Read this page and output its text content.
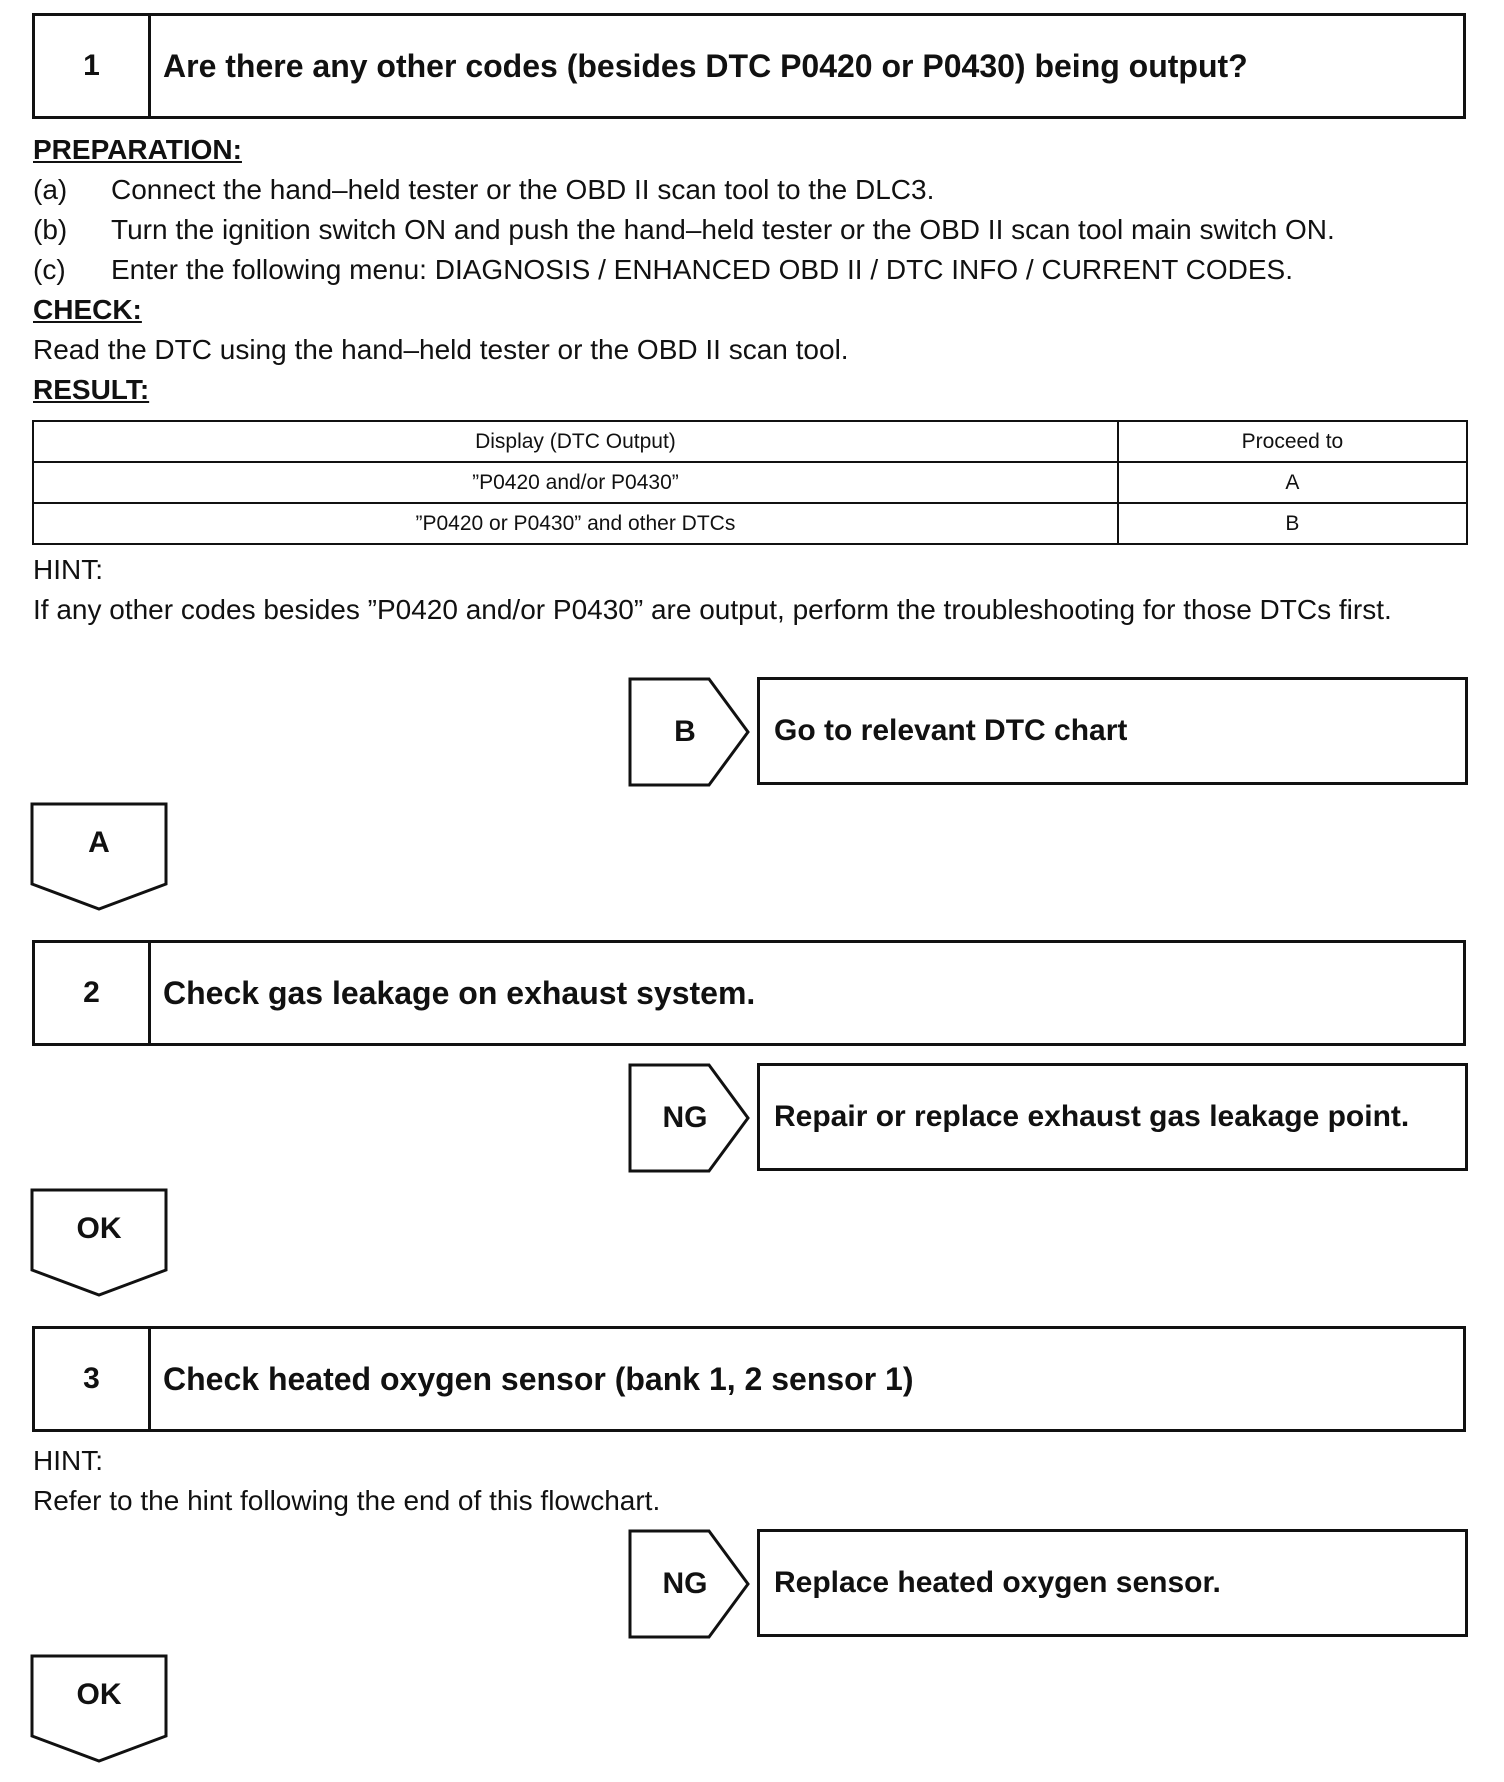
1	Are there any other codes (besides DTC P0420 or P0430) being output?
PREPARATION:
(a) Connect the hand–held tester or the OBD II scan tool to the DLC3.
(b) Turn the ignition switch ON and push the hand–held tester or the OBD II scan tool main switch ON.
(c) Enter the following menu: DIAGNOSIS / ENHANCED OBD II / DTC INFO / CURRENT CODES.
CHECK:
Read the DTC using the hand–held tester or the OBD II scan tool.
RESULT:
Display (DTC Output)	Proceed to
”P0420 and/or P0430”	A
”P0420 or P0430” and other DTCs	B
HINT:
If any other codes besides ”P0420 and/or P0430” are output, perform the troubleshooting for those DTCs first.
B	Go to relevant DTC chart
A
2	Check gas leakage on exhaust system.
NG	Repair or replace exhaust gas leakage point.
OK
3	Check heated oxygen sensor (bank 1, 2 sensor 1)
HINT:
Refer to the hint following the end of this flowchart.
NG	Replace heated oxygen sensor.
OK
